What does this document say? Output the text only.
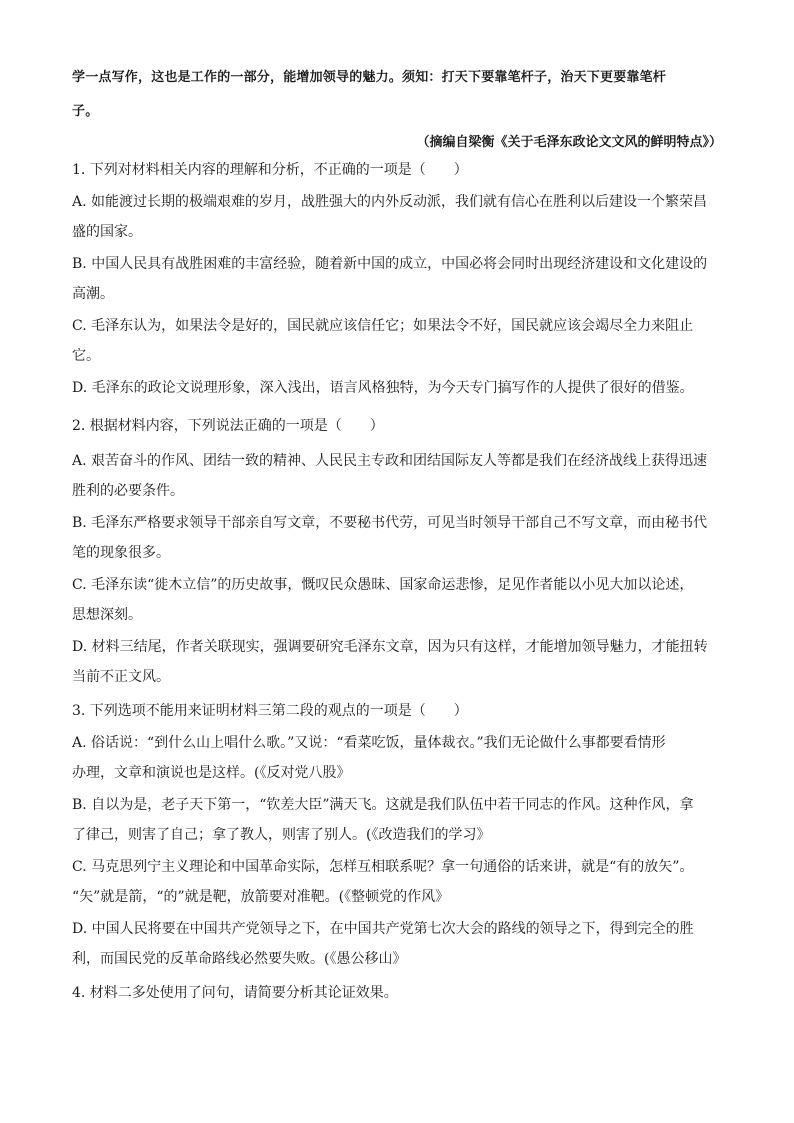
学一点写作，这也是工作的一部分，能增加领导的魅力。须知：打天下要靠笔杆子，治天下更要靠笔杆
子。
（摘编自梁衡《关于毛泽东政论文文风的鲜明特点》）
1. 下列对材料相关内容的理解和分析，不正确的一项是（　　）
A. 如能渡过长期的极端艰难的岁月，战胜强大的内外反动派，我们就有信心在胜利以后建设一个繁荣昌
盛的国家。
B. 中国人民具有战胜困难的丰富经验，随着新中国的成立，中国必将会同时出现经济建设和文化建设的
高潮。
C. 毛泽东认为，如果法令是好的，国民就应该信任它；如果法令不好，国民就应该会竭尽全力来阻止
它。
D. 毛泽东的政论文说理形象，深入浅出，语言风格独特，为今天专门搞写作的人提供了很好的借鉴。
2. 根据材料内容，下列说法正确的一项是（　　）
A. 艰苦奋斗的作风、团结一致的精神、人民民主专政和团结国际友人等都是我们在经济战线上获得迅速
胜利的必要条件。
B. 毛泽东严格要求领导干部亲自写文章，不要秘书代劳，可见当时领导干部自己不写文章，而由秘书代
笔的现象很多。
C. 毛泽东读“徙木立信”的历史故事，慨叹民众愚昧、国家命运悲惨，足见作者能以小见大加以论述，
思想深刻。
D. 材料三结尾，作者关联现实，强调要研究毛泽东文章，因为只有这样，才能增加领导魅力，才能扭转
当前不正文风。
3. 下列选项不能用来证明材料三第二段的观点的一项是（　　）
A. 俗话说：“到什么山上唱什么歌。”又说：“看菜吃饭，量体裁衣。”我们无论做什么事都要看情形
办理，文章和演说也是这样。(《反对党八股》
B. 自以为是，老子天下第一，“钦差大臣”满天飞。这就是我们队伍中若干同志的作风。这种作风，拿
了律己，则害了自己；拿了教人，则害了别人。(《改造我们的学习》
C. 马克思列宁主义理论和中国革命实际，怎样互相联系呢？拿一句通俗的话来讲，就是“有的放矢”。
“矢”就是箭，“的”就是靶，放箭要对准靶。(《整顿党的作风》
D. 中国人民将要在中国共产党领导之下，在中国共产党第七次大会的路线的领导之下，得到完全的胜
利，而国民党的反革命路线必然要失败。(《愚公移山》
4. 材料二多处使用了问句，请简要分析其论证效果。
